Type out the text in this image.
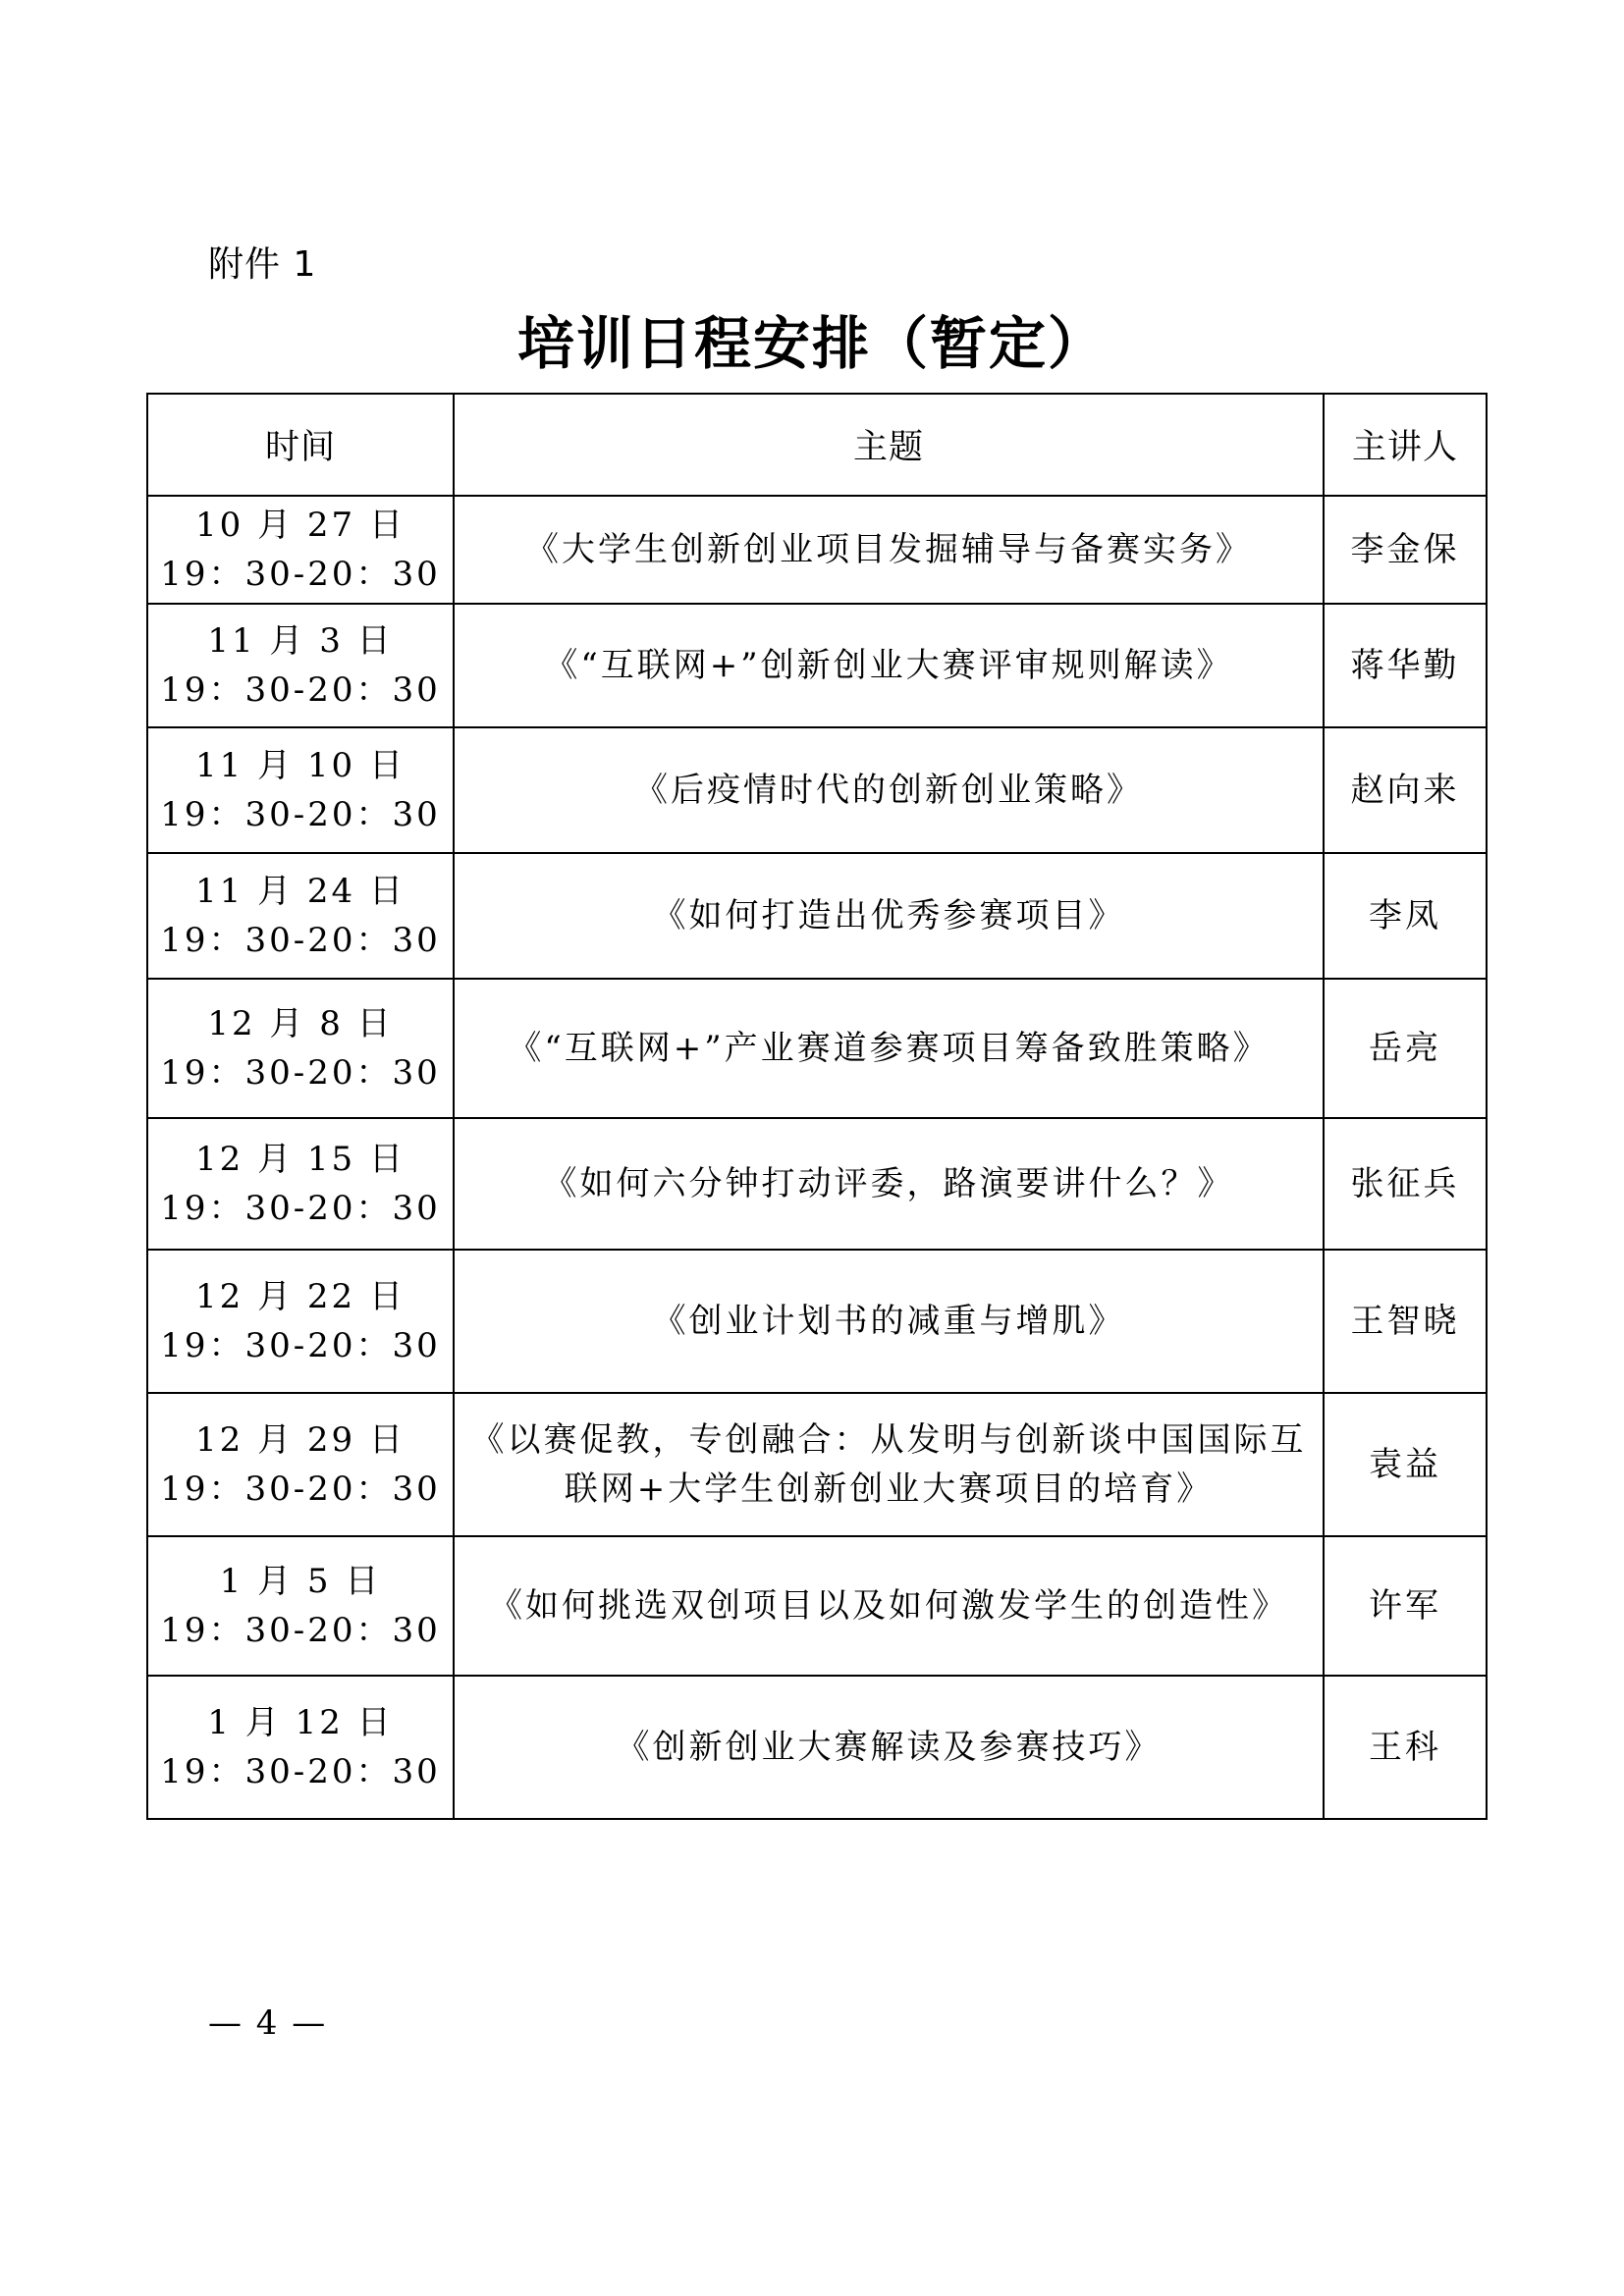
附件 1
培训日程安排（暂定）
时间	主题	主讲人

10 月 27 日
19：30-20：30	《大学生创新创业项目发掘辅导与备赛实务》	李金保

11 月 3 日
19：30-20：30	《“互联网+”创新创业大赛评审规则解读》	蒋华勤

11 月 10 日
19：30-20：30	《后疫情时代的创新创业策略》	赵向来

11 月 24 日
19：30-20：30	《如何打造出优秀参赛项目》	李凤

12 月 8 日
19：30-20：30	《“互联网+”产业赛道参赛项目筹备致胜策略》	岳亮

12 月 15 日
19：30-20：30	《如何六分钟打动评委，路演要讲什么？》	张征兵

12 月 22 日
19：30-20：30	《创业计划书的减重与增肌》	王智晓

12 月 29 日
19：30-20：30	《以赛促教，专创融合：从发明与创新谈中国国际互联网+大学生创新创业大赛项目的培育》	袁益

1 月 5 日
19：30-20：30	《如何挑选双创项目以及如何激发学生的创造性》	许军

1 月 12 日
19：30-20：30	《创新创业大赛解读及参赛技巧》	王科
— 4 —
